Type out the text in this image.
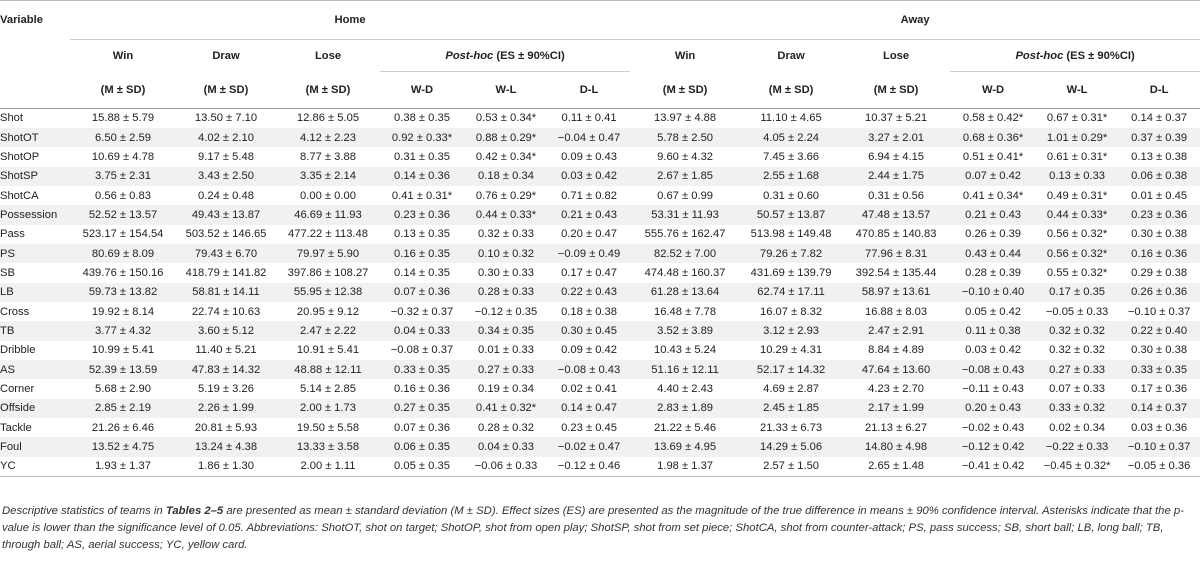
Variable	Home						Away					
	Win	Draw	Lose	Post-hoc (ES ± 90%CI)			Win	Draw	Lose	Post-hoc (ES ± 90%CI)		
	(M ± SD)	(M ± SD)	(M ± SD)	W-D	W-L	D-L	(M ± SD)	(M ± SD)	(M ± SD)	W-D	W-L	D-L
Shot	15.88 ± 5.79	13.50 ± 7.10	12.86 ± 5.05	0.38 ± 0.35	0.53 ± 0.34*	0.11 ± 0.41	13.97 ± 4.88	11.10 ± 4.65	10.37 ± 5.21	0.58 ± 0.42*	0.67 ± 0.31*	0.14 ± 0.37
ShotOT	6.50 ± 2.59	4.02 ± 2.10	4.12 ± 2.23	0.92 ± 0.33*	0.88 ± 0.29*	−0.04 ± 0.47	5.78 ± 2.50	4.05 ± 2.24	3.27 ± 2.01	0.68 ± 0.36*	1.01 ± 0.29*	0.37 ± 0.39
ShotOP	10.69 ± 4.78	9.17 ± 5.48	8.77 ± 3.88	0.31 ± 0.35	0.42 ± 0.34*	0.09 ± 0.43	9.60 ± 4.32	7.45 ± 3.66	6.94 ± 4.15	0.51 ± 0.41*	0.61 ± 0.31*	0.13 ± 0.38
ShotSP	3.75 ± 2.31	3.43 ± 2.50	3.35 ± 2.14	0.14 ± 0.36	0.18 ± 0.34	0.03 ± 0.42	2.67 ± 1.85	2.55 ± 1.68	2.44 ± 1.75	0.07 ± 0.42	0.13 ± 0.33	0.06 ± 0.38
ShotCA	0.56 ± 0.83	0.24 ± 0.48	0.00 ± 0.00	0.41 ± 0.31*	0.76 ± 0.29*	0.71 ± 0.82	0.67 ± 0.99	0.31 ± 0.60	0.31 ± 0.56	0.41 ± 0.34*	0.49 ± 0.31*	0.01 ± 0.45
Possession	52.52 ± 13.57	49.43 ± 13.87	46.69 ± 11.93	0.23 ± 0.36	0.44 ± 0.33*	0.21 ± 0.43	53.31 ± 11.93	50.57 ± 13.87	47.48 ± 13.57	0.21 ± 0.43	0.44 ± 0.33*	0.23 ± 0.36
Pass	523.17 ± 154.54	503.52 ± 146.65	477.22 ± 113.48	0.13 ± 0.35	0.32 ± 0.33	0.20 ± 0.47	555.76 ± 162.47	513.98 ± 149.48	470.85 ± 140.83	0.26 ± 0.39	0.56 ± 0.32*	0.30 ± 0.38
PS	80.69 ± 8.09	79.43 ± 6.70	79.97 ± 5.90	0.16 ± 0.35	0.10 ± 0.32	−0.09 ± 0.49	82.52 ± 7.00	79.26 ± 7.82	77.96 ± 8.31	0.43 ± 0.44	0.56 ± 0.32*	0.16 ± 0.36
SB	439.76 ± 150.16	418.79 ± 141.82	397.86 ± 108.27	0.14 ± 0.35	0.30 ± 0.33	0.17 ± 0.47	474.48 ± 160.37	431.69 ± 139.79	392.54 ± 135.44	0.28 ± 0.39	0.55 ± 0.32*	0.29 ± 0.38
LB	59.73 ± 13.82	58.81 ± 14.11	55.95 ± 12.38	0.07 ± 0.36	0.28 ± 0.33	0.22 ± 0.43	61.28 ± 13.64	62.74 ± 17.11	58.97 ± 13.61	−0.10 ± 0.40	0.17 ± 0.35	0.26 ± 0.36
Cross	19.92 ± 8.14	22.74 ± 10.63	20.95 ± 9.12	−0.32 ± 0.37	−0.12 ± 0.35	0.18 ± 0.38	16.48 ± 7.78	16.07 ± 8.32	16.88 ± 8.03	0.05 ± 0.42	−0.05 ± 0.33	−0.10 ± 0.37
TB	3.77 ± 4.32	3.60 ± 5.12	2.47 ± 2.22	0.04 ± 0.33	0.34 ± 0.35	0.30 ± 0.45	3.52 ± 3.89	3.12 ± 2.93	2.47 ± 2.91	0.11 ± 0.38	0.32 ± 0.32	0.22 ± 0.40
Dribble	10.99 ± 5.41	11.40 ± 5.21	10.91 ± 5.41	−0.08 ± 0.37	0.01 ± 0.33	0.09 ± 0.42	10.43 ± 5.24	10.29 ± 4.31	8.84 ± 4.89	0.03 ± 0.42	0.32 ± 0.32	0.30 ± 0.38
AS	52.39 ± 13.59	47.83 ± 14.32	48.88 ± 12.11	0.33 ± 0.35	0.27 ± 0.33	−0.08 ± 0.43	51.16 ± 12.11	52.17 ± 14.32	47.64 ± 13.60	−0.08 ± 0.43	0.27 ± 0.33	0.33 ± 0.35
Corner	5.68 ± 2.90	5.19 ± 3.26	5.14 ± 2.85	0.16 ± 0.36	0.19 ± 0.34	0.02 ± 0.41	4.40 ± 2.43	4.69 ± 2.87	4.23 ± 2.70	−0.11 ± 0.43	0.07 ± 0.33	0.17 ± 0.36
Offside	2.85 ± 2.19	2.26 ± 1.99	2.00 ± 1.73	0.27 ± 0.35	0.41 ± 0.32*	0.14 ± 0.47	2.83 ± 1.89	2.45 ± 1.85	2.17 ± 1.99	0.20 ± 0.43	0.33 ± 0.32	0.14 ± 0.37
Tackle	21.26 ± 6.46	20.81 ± 5.93	19.50 ± 5.58	0.07 ± 0.36	0.28 ± 0.32	0.23 ± 0.45	21.22 ± 5.46	21.33 ± 6.73	21.13 ± 6.27	−0.02 ± 0.43	0.02 ± 0.34	0.03 ± 0.36
Foul	13.52 ± 4.75	13.24 ± 4.38	13.33 ± 3.58	0.06 ± 0.35	0.04 ± 0.33	−0.02 ± 0.47	13.69 ± 4.95	14.29 ± 5.06	14.80 ± 4.98	−0.12 ± 0.42	−0.22 ± 0.33	−0.10 ± 0.37
YC	1.93 ± 1.37	1.86 ± 1.30	2.00 ± 1.11	0.05 ± 0.35	−0.06 ± 0.33	−0.12 ± 0.46	1.98 ± 1.37	2.57 ± 1.50	2.65 ± 1.48	−0.41 ± 0.42	−0.45 ± 0.32*	−0.05 ± 0.36

Descriptive statistics of teams in Tables 2–5 are presented as mean ± standard deviation (M ± SD). Effect sizes (ES) are presented as the magnitude of the true difference in means ± 90% confidence interval. Asterisks indicate that the p-value is lower than the significance level of 0.05. Abbreviations: ShotOT, shot on target; ShotOP, shot from open play; ShotSP, shot from set piece; ShotCA, shot from counter-attack; PS, pass success; SB, short ball; LB, long ball; TB, through ball; AS, aerial success; YC, yellow card.
